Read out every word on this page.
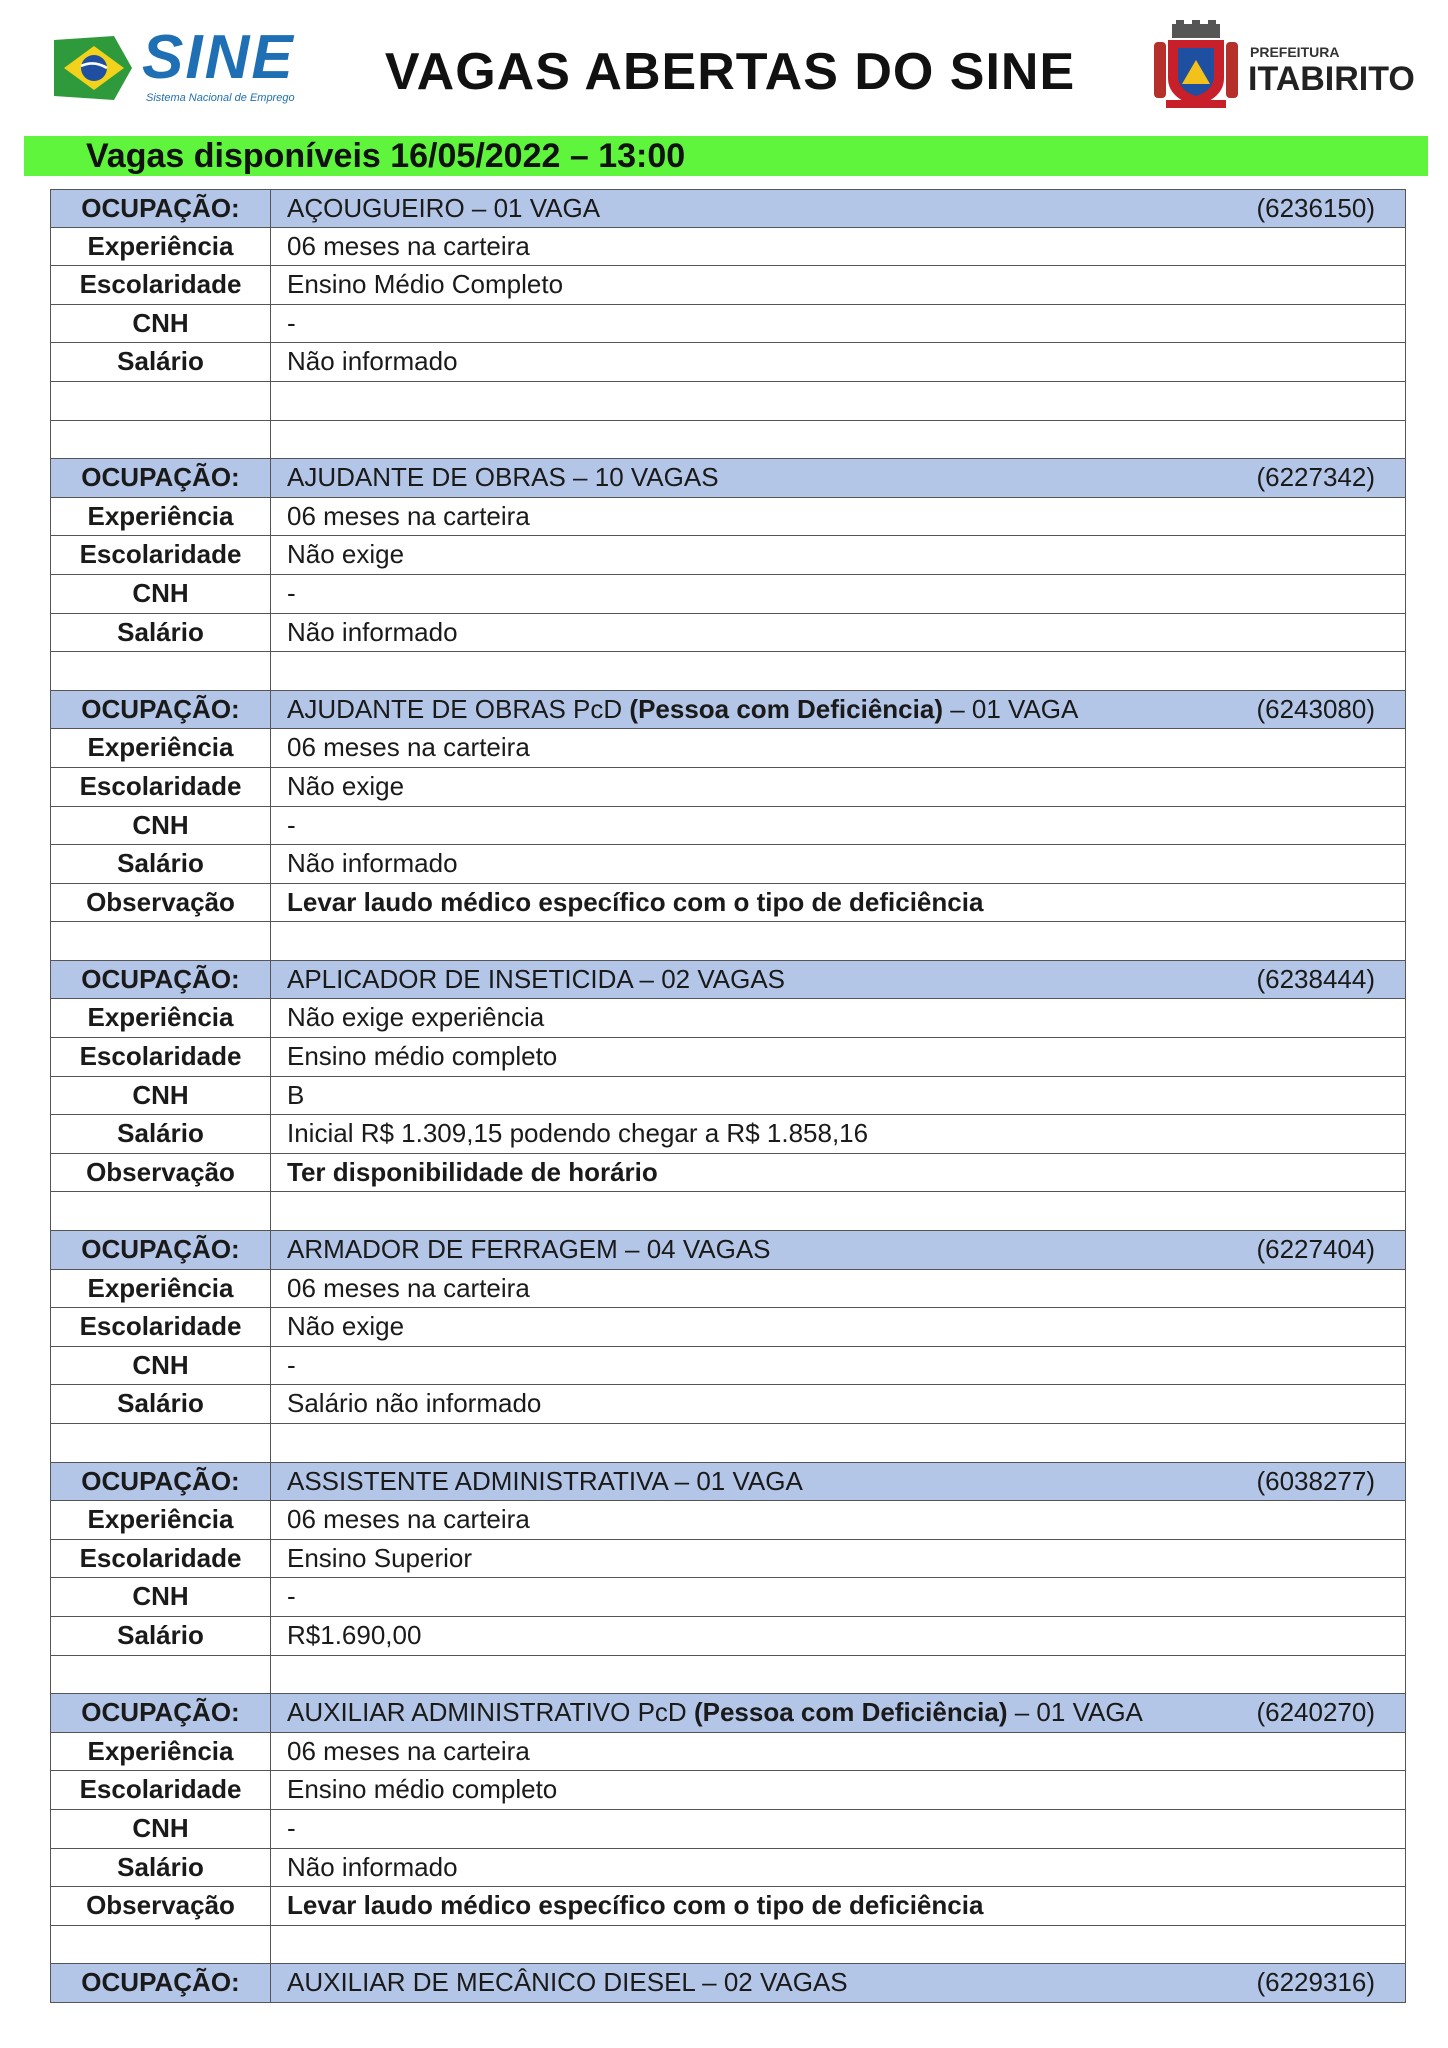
SINE
Sistema Nacional de Emprego	VAGAS ABERTAS DO SINE	PREFEITURA
ITABIRITO
Vagas disponíveis 16/05/2022 – 13:00
OCUPAÇÃO:	AÇOUGUEIRO – 01 VAGA	(6236150)
Experiência	06 meses na carteira
Escolaridade	Ensino Médio Completo
CNH	-
Salário	Não informado
OCUPAÇÃO:	AJUDANTE DE OBRAS – 10 VAGAS	(6227342)
Experiência	06 meses na carteira
Escolaridade	Não exige
CNH	-
Salário	Não informado
OCUPAÇÃO:	AJUDANTE DE OBRAS PcD (Pessoa com Deficiência) – 01 VAGA	(6243080)
Experiência	06 meses na carteira
Escolaridade	Não exige
CNH	-
Salário	Não informado
Observação	Levar laudo médico específico com o tipo de deficiência
OCUPAÇÃO:	APLICADOR DE INSETICIDA – 02 VAGAS	(6238444)
Experiência	Não exige experiência
Escolaridade	Ensino médio completo
CNH	B
Salário	Inicial R$ 1.309,15 podendo chegar a R$ 1.858,16
Observação	Ter disponibilidade de horário
OCUPAÇÃO:	ARMADOR DE FERRAGEM – 04 VAGAS	(6227404)
Experiência	06 meses na carteira
Escolaridade	Não exige
CNH	-
Salário	Salário não informado
OCUPAÇÃO:	ASSISTENTE ADMINISTRATIVA – 01 VAGA	(6038277)
Experiência	06 meses na carteira
Escolaridade	Ensino Superior
CNH	-
Salário	R$1.690,00
OCUPAÇÃO:	AUXILIAR ADMINISTRATIVO PcD (Pessoa com Deficiência) – 01 VAGA	(6240270)
Experiência	06 meses na carteira
Escolaridade	Ensino médio completo
CNH	-
Salário	Não informado
Observação	Levar laudo médico específico com o tipo de deficiência
OCUPAÇÃO:	AUXILIAR DE MECÂNICO DIESEL – 02 VAGAS	(6229316)
